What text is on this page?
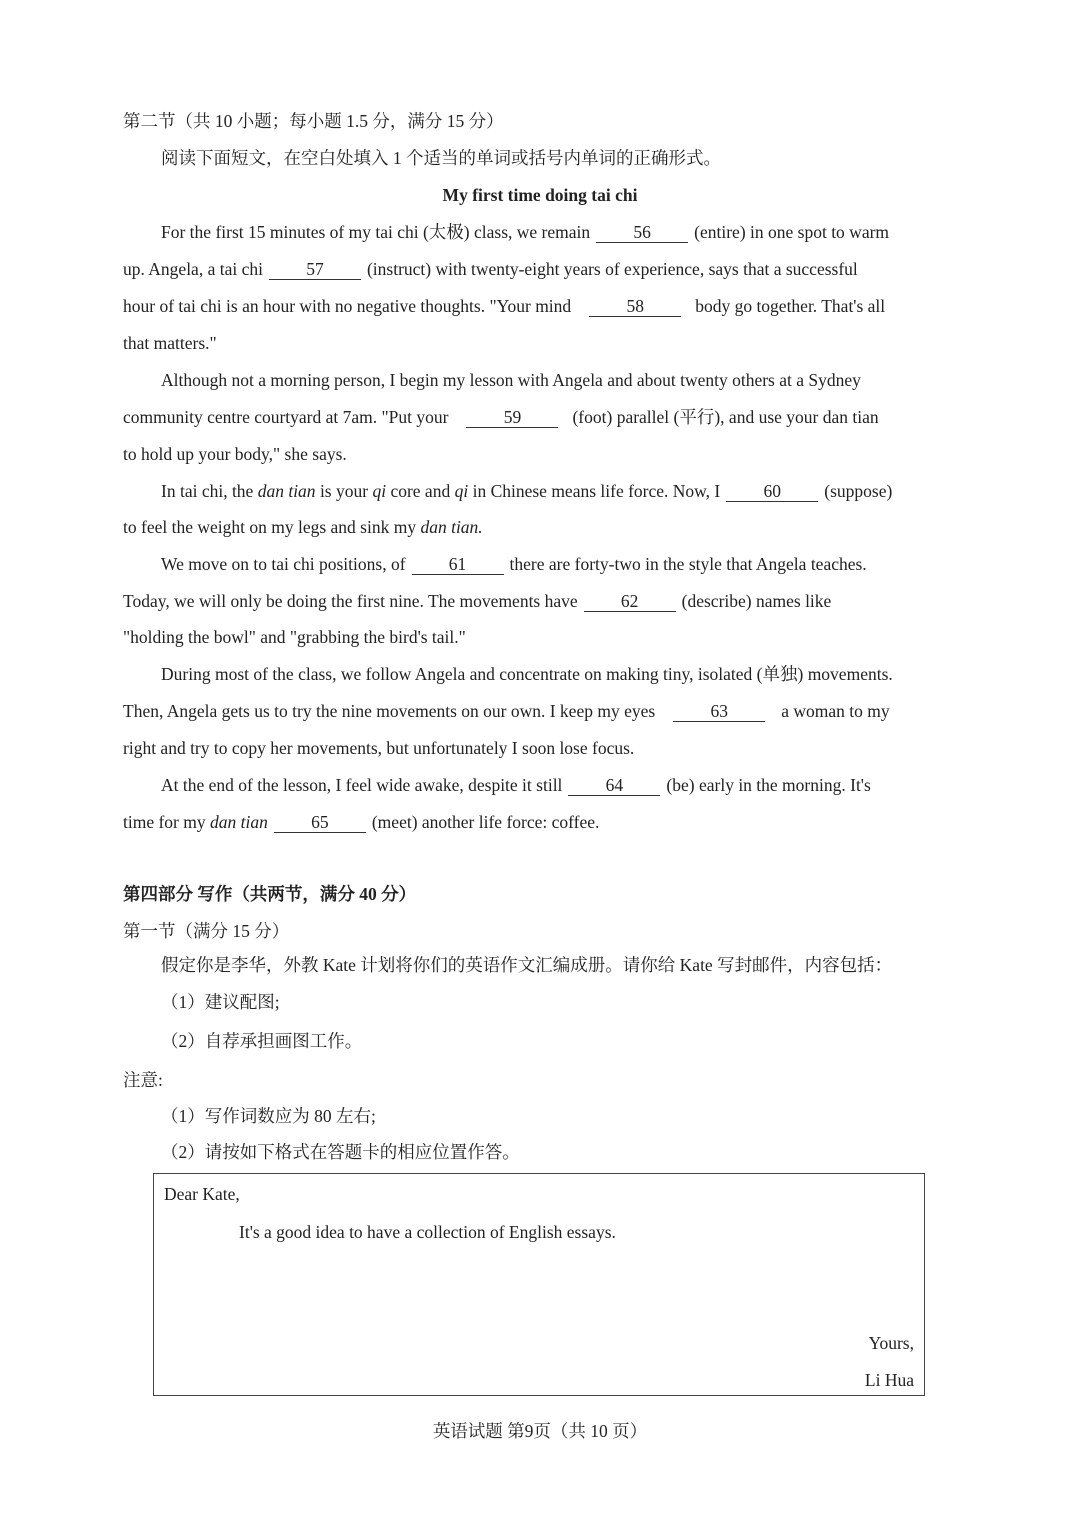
第二节（共 10 小题；每小题 1.5 分，满分 15 分）
阅读下面短文，在空白处填入 1 个适当的单词或括号内单词的正确形式。
My first time doing tai chi
For the first 15 minutes of my tai chi (太极) class, we remain 56 (entire) in one spot to warm
up. Angela, a tai chi 57 (instruct) with twenty-eight years of experience, says that a successful
hour of tai chi is an hour with no negative thoughts. "Your mind	58	body go together. That's all
that matters."
Although not a morning person, I begin my lesson with Angela and about twenty others at a Sydney
community centre courtyard at 7am. "Put your	59	(foot) parallel (平行), and use your dan tian
to hold up your body," she says.
In tai chi, the dan tian is your qi core and qi in Chinese means life force. Now, I 60 (suppose)
to feel the weight on my legs and sink my dan tian.
We move on to tai chi positions, of 61 there are forty-two in the style that Angela teaches.
Today, we will only be doing the first nine. The movements have 62 (describe) names like
"holding the bowl" and "grabbing the bird's tail."
During most of the class, we follow Angela and concentrate on making tiny, isolated (单独) movements.
Then, Angela gets us to try the nine movements on our own. I keep my eyes	63	a woman to my
right and try to copy her movements, but unfortunately I soon lose focus.
At the end of the lesson, I feel wide awake, despite it still 64 (be) early in the morning. It's
time for my dan tian 65 (meet) another life force: coffee.
第四部分 写作（共两节，满分 40 分）
第一节（满分 15 分）
假定你是李华，外教 Kate 计划将你们的英语作文汇编成册。请你给 Kate 写封邮件，内容包括：
（1）建议配图;
（2）自荐承担画图工作。
注意:
（1）写作词数应为 80 左右;
（2）请按如下格式在答题卡的相应位置作答。
Dear Kate,
It's a good idea to have a collection of English essays.
Yours,
Li Hua
英语试题 第9页（共 10 页）
